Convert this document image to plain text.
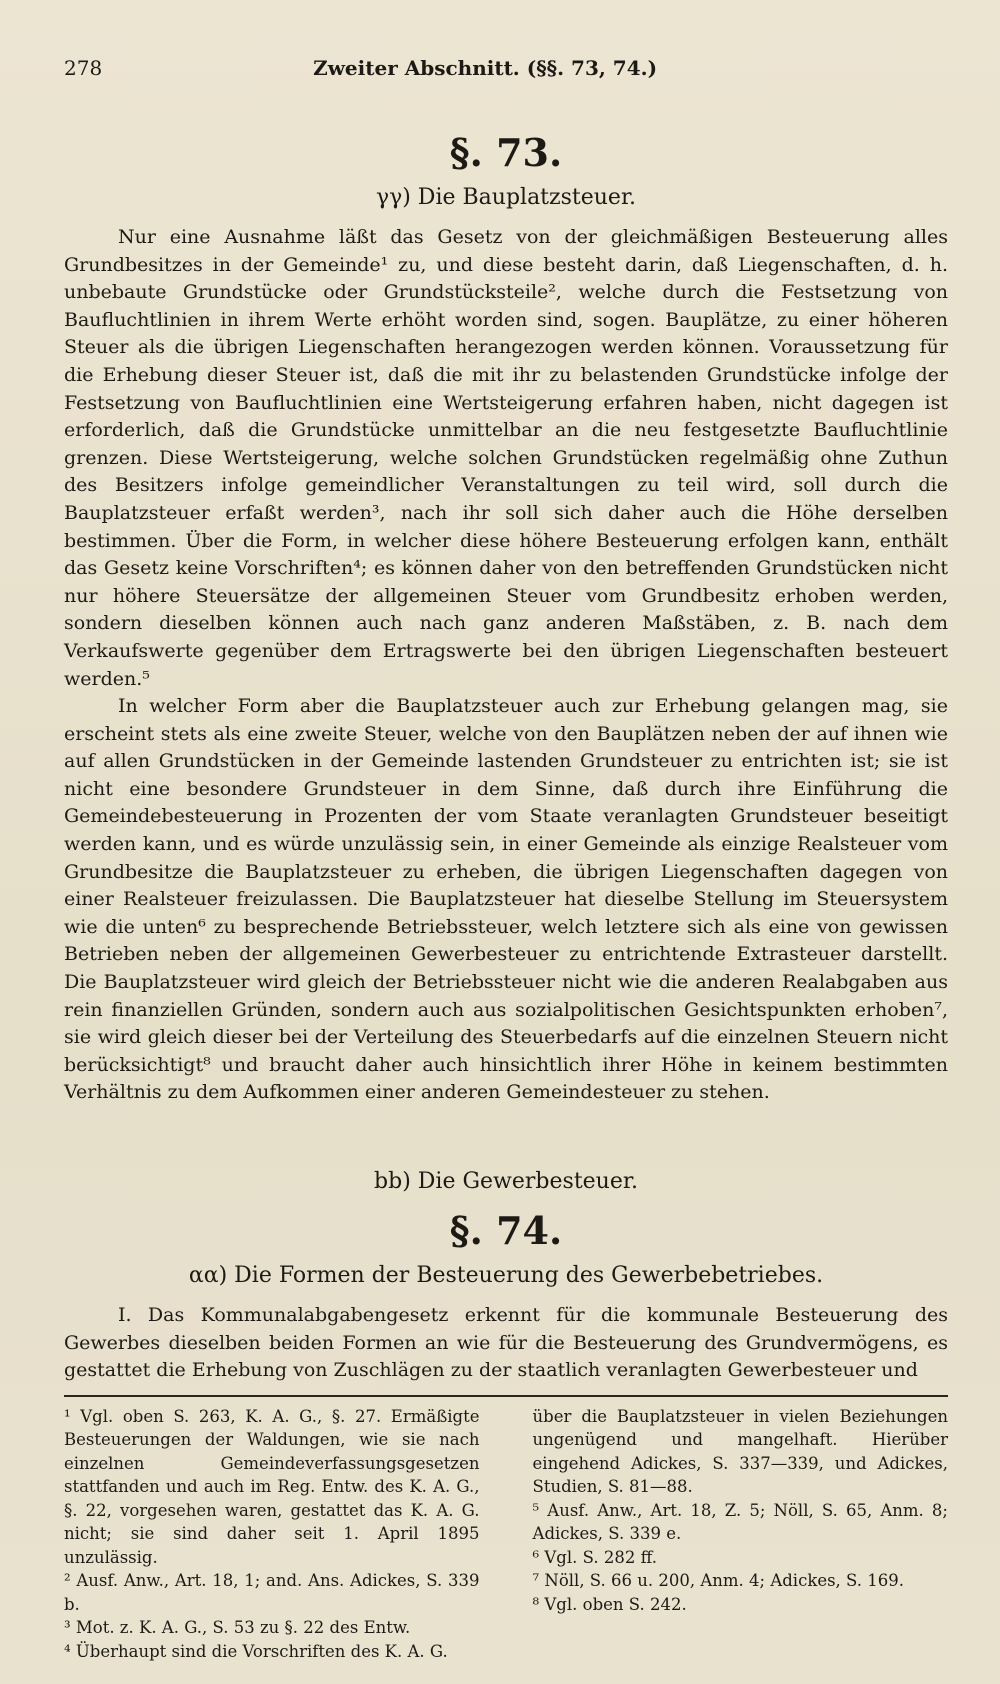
278	Zweiter Abschnitt. (§§. 73, 74.)
§. 73.
γγ) Die Bauplatzsteuer.

Nur eine Ausnahme läßt das Gesetz von der gleichmäßigen Besteuerung alles Grundbesitzes in der Gemeinde¹ zu, und diese besteht darin, daß Liegenschaften, d. h. unbebaute Grundstücke oder Grundstücksteile², welche durch die Festsetzung von Baufluchtlinien in ihrem Werte erhöht worden sind, sogen. Bauplätze, zu einer höheren Steuer als die übrigen Liegenschaften herangezogen werden können. Voraussetzung für die Erhebung dieser Steuer ist, daß die mit ihr zu belastenden Grundstücke infolge der Festsetzung von Baufluchtlinien eine Wertsteigerung erfahren haben, nicht dagegen ist erforderlich, daß die Grundstücke unmittelbar an die neu festgesetzte Baufluchtlinie grenzen. Diese Wertsteigerung, welche solchen Grundstücken regelmäßig ohne Zuthun des Besitzers infolge gemeindlicher Veranstaltungen zu teil wird, soll durch die Bauplatzsteuer erfaßt werden³, nach ihr soll sich daher auch die Höhe derselben bestimmen. Über die Form, in welcher diese höhere Besteuerung erfolgen kann, enthält das Gesetz keine Vorschriften⁴; es können daher von den betreffenden Grundstücken nicht nur höhere Steuersätze der allgemeinen Steuer vom Grundbesitz erhoben werden, sondern dieselben können auch nach ganz anderen Maßstäben, z. B. nach dem Verkaufswerte gegenüber dem Ertragswerte bei den übrigen Liegenschaften besteuert werden.⁵

In welcher Form aber die Bauplatzsteuer auch zur Erhebung gelangen mag, sie erscheint stets als eine zweite Steuer, welche von den Bauplätzen neben der auf ihnen wie auf allen Grundstücken in der Gemeinde lastenden Grundsteuer zu entrichten ist; sie ist nicht eine besondere Grundsteuer in dem Sinne, daß durch ihre Einführung die Gemeindebesteuerung in Prozenten der vom Staate veranlagten Grundsteuer beseitigt werden kann, und es würde unzulässig sein, in einer Gemeinde als einzige Realsteuer vom Grundbesitze die Bauplatzsteuer zu erheben, die übrigen Liegenschaften dagegen von einer Realsteuer freizulassen. Die Bauplatzsteuer hat dieselbe Stellung im Steuersystem wie die unten⁶ zu besprechende Betriebssteuer, welch letztere sich als eine von gewissen Betrieben neben der allgemeinen Gewerbesteuer zu entrichtende Extrasteuer darstellt. Die Bauplatzsteuer wird gleich der Betriebssteuer nicht wie die anderen Realabgaben aus rein finanziellen Gründen, sondern auch aus sozialpolitischen Gesichtspunkten erhoben⁷, sie wird gleich dieser bei der Verteilung des Steuerbedarfs auf die einzelnen Steuern nicht berücksichtigt⁸ und braucht daher auch hinsichtlich ihrer Höhe in keinem bestimmten Verhältnis zu dem Aufkommen einer anderen Gemeindesteuer zu stehen.

bb) Die Gewerbesteuer.
§. 74.
αα) Die Formen der Besteuerung des Gewerbebetriebes.

I. Das Kommunalabgabengesetz erkennt für die kommunale Besteuerung des Gewerbes dieselben beiden Formen an wie für die Besteuerung des Grundvermögens, es gestattet die Erhebung von Zuschlägen zu der staatlich veranlagten Gewerbesteuer und

¹ Vgl. oben S. 263, K. A. G., §. 27. Ermäßigte Besteuerungen der Waldungen, wie sie nach einzelnen Gemeindeverfassungsgesetzen stattfanden und auch im Reg. Entw. des K. A. G., §. 22, vorgesehen waren, gestattet das K. A. G. nicht; sie sind daher seit 1. April 1895 unzulässig.

² Ausf. Anw., Art. 18, 1; and. Ans. Adickes, S. 339 b.

³ Mot. z. K. A. G., S. 53 zu §. 22 des Entw.

⁴ Überhaupt sind die Vorschriften des K. A. G.

über die Bauplatzsteuer in vielen Beziehungen ungenügend und mangelhaft. Hierüber eingehend Adickes, S. 337—339, und Adickes, Studien, S. 81—88.

⁵ Ausf. Anw., Art. 18, Z. 5; Nöll, S. 65, Anm. 8; Adickes, S. 339 e.

⁶ Vgl. S. 282 ff.

⁷ Nöll, S. 66 u. 200, Anm. 4; Adickes, S. 169.

⁸ Vgl. oben S. 242.
